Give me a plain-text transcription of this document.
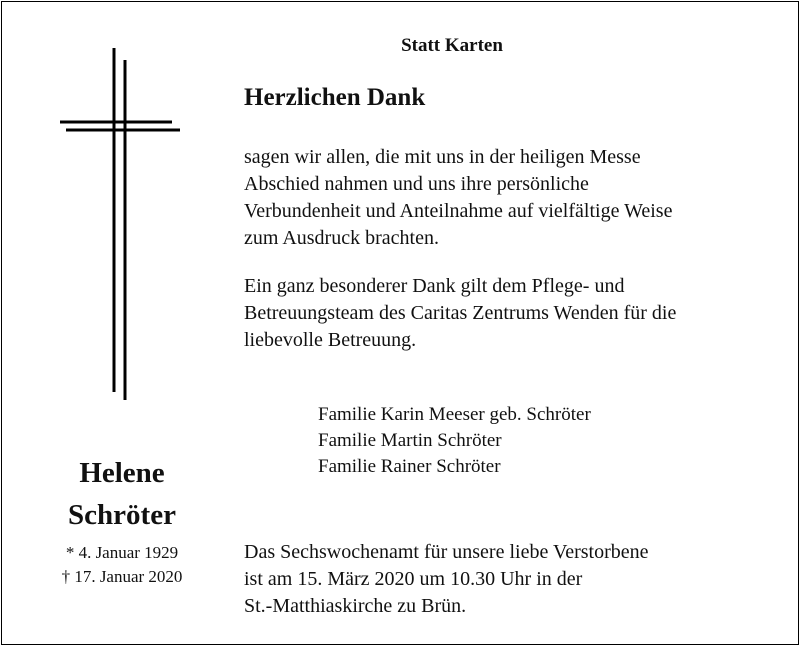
Statt Karten
Herzlichen Dank

sagen wir allen, die mit uns in der heiligen Messe
Abschied nahmen und uns ihre persönliche
Verbundenheit und Anteilnahme auf vielfältige Weise
zum Ausdruck brachten.

Ein ganz besonderer Dank gilt dem Pflege- und
Betreuungsteam des Caritas Zentrums Wenden für die
liebevolle Betreuung.

Familie Karin Meeser geb. Schröter
Familie Martin Schröter
Familie Rainer Schröter
Helene
Schröter
* 4. Januar 1929
† 17. Januar 2020

Das Sechswochenamt für unsere liebe Verstorbene
ist am 15. März 2020 um 10.30 Uhr in der
St.-Matthiaskirche zu Brün.
